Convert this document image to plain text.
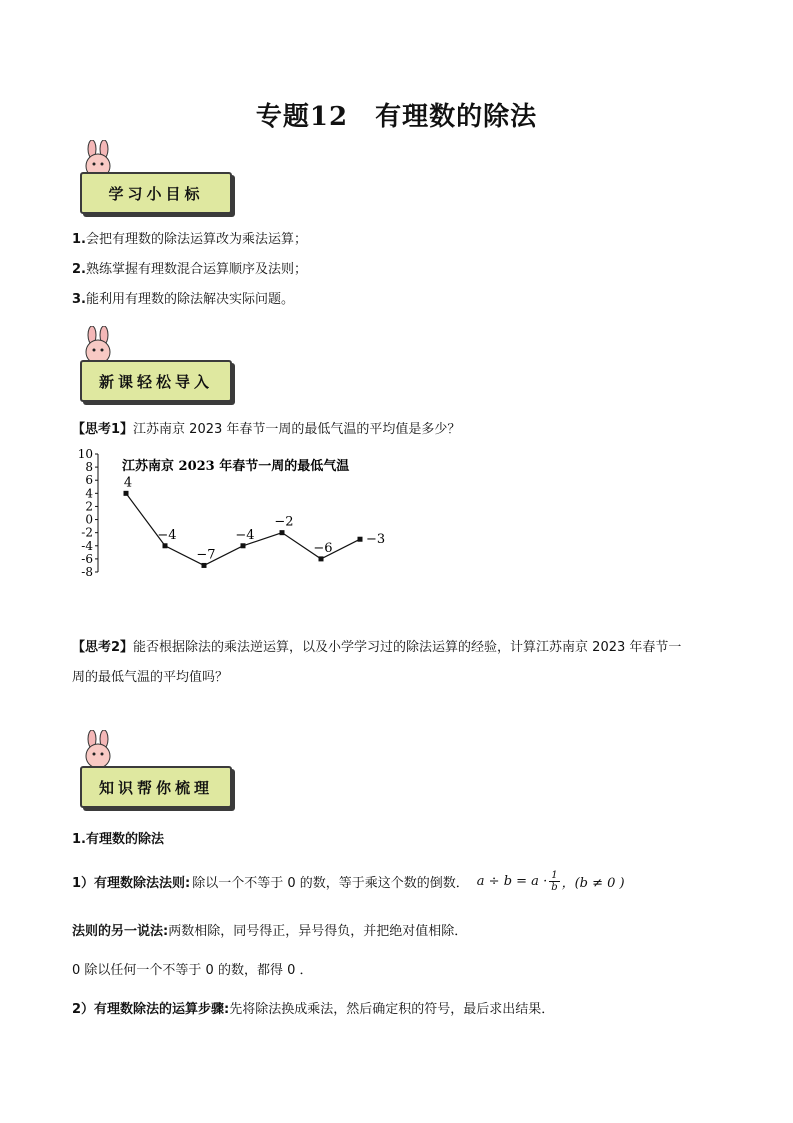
专题12　有理数的除法
学习小目标
1.会把有理数的除法运算改为乘法运算；
2.熟练掌握有理数混合运算顺序及法则；
3.能利用有理数的除法解决实际问题。
新课轻松导入
【思考1】江苏南京 2023 年春节一周的最低气温的平均值是多少？
10
8
6
4
2
0
-2
-4
-6
-8
江苏南京 2023 年春节一周的最低气温
4
−4
−7
−4
−2
−6
−3
【思考2】能否根据除法的乘法逆运算，以及小学学习过的除法运算的经验，计算江苏南京 2023 年春节一
周的最低气温的平均值吗？
知识帮你梳理
1.有理数的除法
1）有理数除法法则: 除以一个不等于 0 的数，等于乘这个数的倒数． $a \div b = a \cdot \frac{1}{b}$ ，(b ≠ 0 )
法则的另一说法:两数相除，同号得正，异号得负，并把绝对值相除．
0 除以任何一个不等于 0 的数，都得 0 ．
2）有理数除法的运算步骤:先将除法换成乘法，然后确定积的符号，最后求出结果．
